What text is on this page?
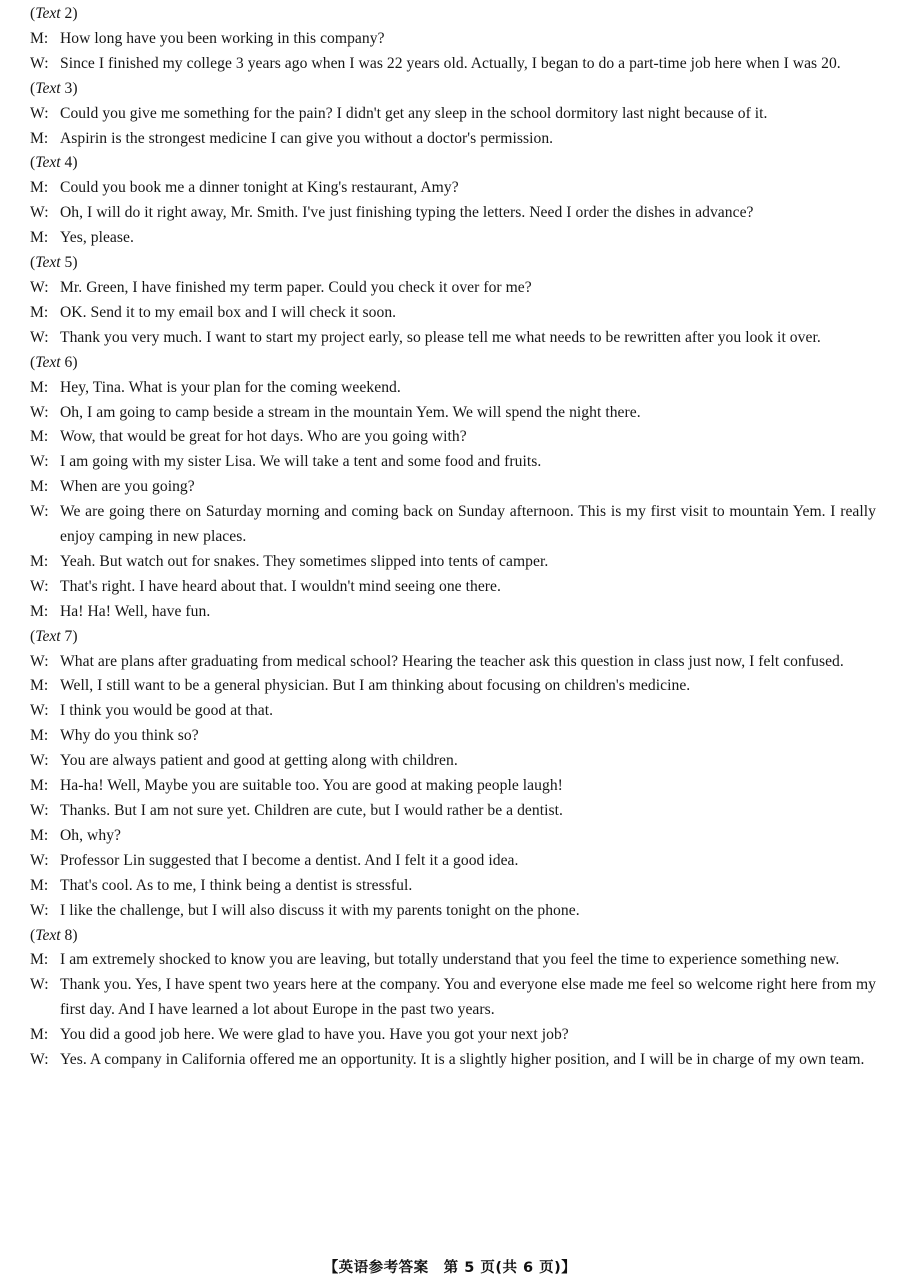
(Text 2)

M: How long have you been working in this company?

W: Since I finished my college 3 years ago when I was 22 years old. Actually, I began to do a part-time job here when I was 20.

(Text 3)

W: Could you give me something for the pain? I didn't get any sleep in the school dormitory last night because of it.

M: Aspirin is the strongest medicine I can give you without a doctor's permission.

(Text 4)

M: Could you book me a dinner tonight at King's restaurant, Amy?

W: Oh, I will do it right away, Mr. Smith. I've just finishing typing the letters. Need I order the dishes in advance?

M: Yes, please.

(Text 5)

W: Mr. Green, I have finished my term paper. Could you check it over for me?

M: OK. Send it to my email box and I will check it soon.

W: Thank you very much. I want to start my project early, so please tell me what needs to be rewritten after you look it over.

(Text 6)

M: Hey, Tina. What is your plan for the coming weekend.

W: Oh, I am going to camp beside a stream in the mountain Yem. We will spend the night there.

M: Wow, that would be great for hot days. Who are you going with?

W: I am going with my sister Lisa. We will take a tent and some food and fruits.

M: When are you going?

W: We are going there on Saturday morning and coming back on Sunday afternoon. This is my first visit to mountain Yem. I really enjoy camping in new places.

M: Yeah. But watch out for snakes. They sometimes slipped into tents of camper.

W: That's right. I have heard about that. I wouldn't mind seeing one there.

M: Ha! Ha! Well, have fun.

(Text 7)

W: What are plans after graduating from medical school? Hearing the teacher ask this question in class just now, I felt confused.

M: Well, I still want to be a general physician. But I am thinking about focusing on children's medicine.

W: I think you would be good at that.

M: Why do you think so?

W: You are always patient and good at getting along with children.

M: Ha-ha! Well, Maybe you are suitable too. You are good at making people laugh!

W: Thanks. But I am not sure yet. Children are cute, but I would rather be a dentist.

M: Oh, why?

W: Professor Lin suggested that I become a dentist. And I felt it a good idea.

M: That's cool. As to me, I think being a dentist is stressful.

W: I like the challenge, but I will also discuss it with my parents tonight on the phone.

(Text 8)

M: I am extremely shocked to know you are leaving, but totally understand that you feel the time to experience something new.

W: Thank you. Yes, I have spent two years here at the company. You and everyone else made me feel so welcome right here from my first day. And I have learned a lot about Europe in the past two years.

M: You did a good job here. We were glad to have you. Have you got your next job?

W: Yes. A company in California offered me an opportunity. It is a slightly higher position, and I will be in charge of my own team.

【英语参考答案　第 5 页(共 6 页)】
